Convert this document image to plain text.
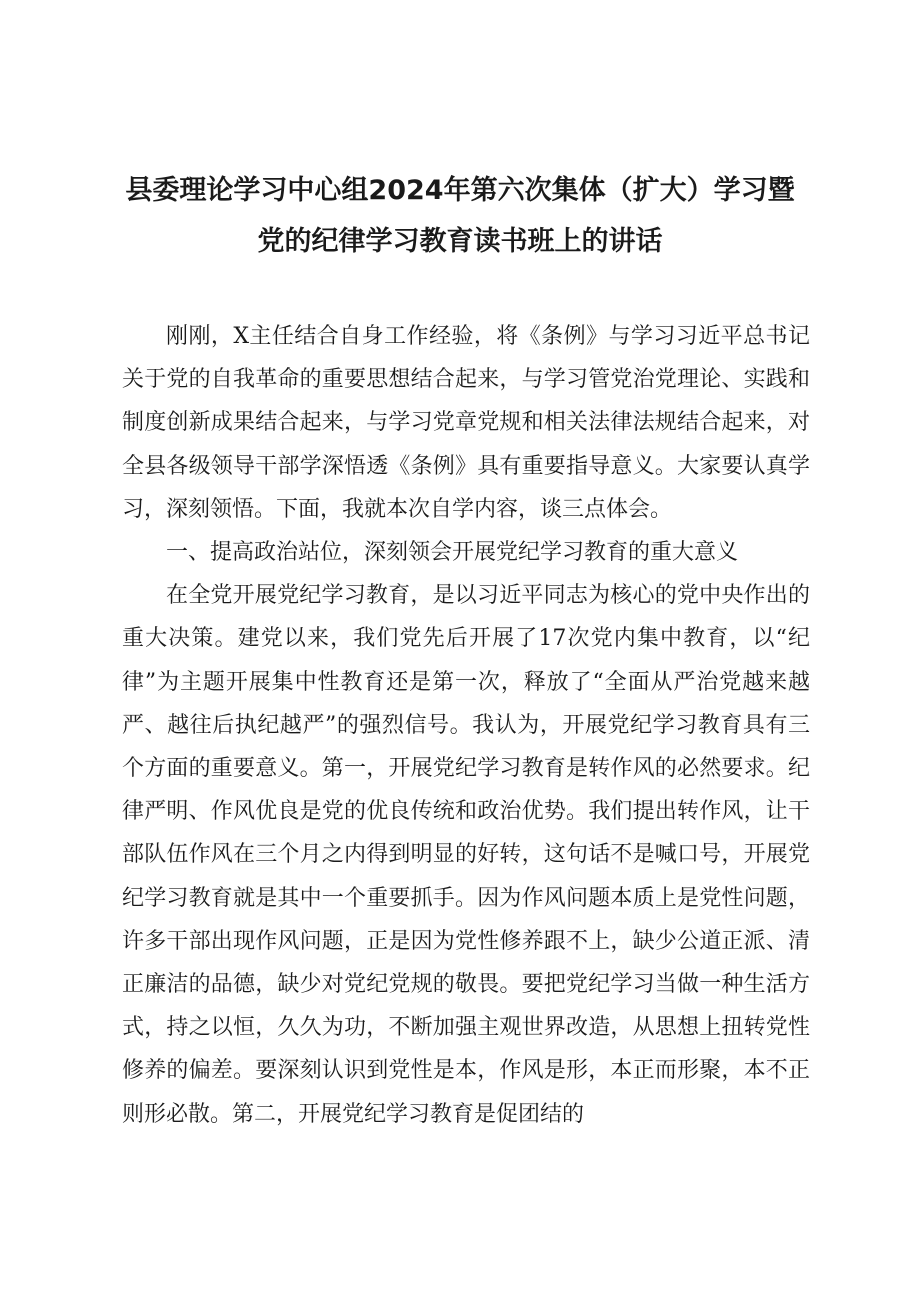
县委理论学习中心组2024年第六次集体（扩大）学习暨
党的纪律学习教育读书班上的讲话

刚刚，X主任结合自身工作经验，将《条例》与学习习近平总书记关于党的自我革命的重要思想结合起来，与学习管党治党理论、实践和制度创新成果结合起来，与学习党章党规和相关法律法规结合起来，对全县各级领导干部学深悟透《条例》具有重要指导意义。大家要认真学习，深刻领悟。下面，我就本次自学内容，谈三点体会。

一、提高政治站位，深刻领会开展党纪学习教育的重大意义

在全党开展党纪学习教育，是以习近平同志为核心的党中央作出的重大决策。建党以来，我们党先后开展了17次党内集中教育，以“纪律”为主题开展集中性教育还是第一次，释放了“全面从严治党越来越严、越往后执纪越严”的强烈信号。我认为，开展党纪学习教育具有三个方面的重要意义。第一，开展党纪学习教育是转作风的必然要求。纪律严明、作风优良是党的优良传统和政治优势。我们提出转作风，让干部队伍作风在三个月之内得到明显的好转，这句话不是喊口号，开展党纪学习教育就是其中一个重要抓手。因为作风问题本质上是党性问题，许多干部出现作风问题，正是因为党性修养跟不上，缺少公道正派、清正廉洁的品德，缺少对党纪党规的敬畏。要把党纪学习当做一种生活方式，持之以恒，久久为功，不断加强主观世界改造，从思想上扭转党性修养的偏差。要深刻认识到党性是本，作风是形，本正而形聚，本不正则形必散。第二，开展党纪学习教育是促团结的
